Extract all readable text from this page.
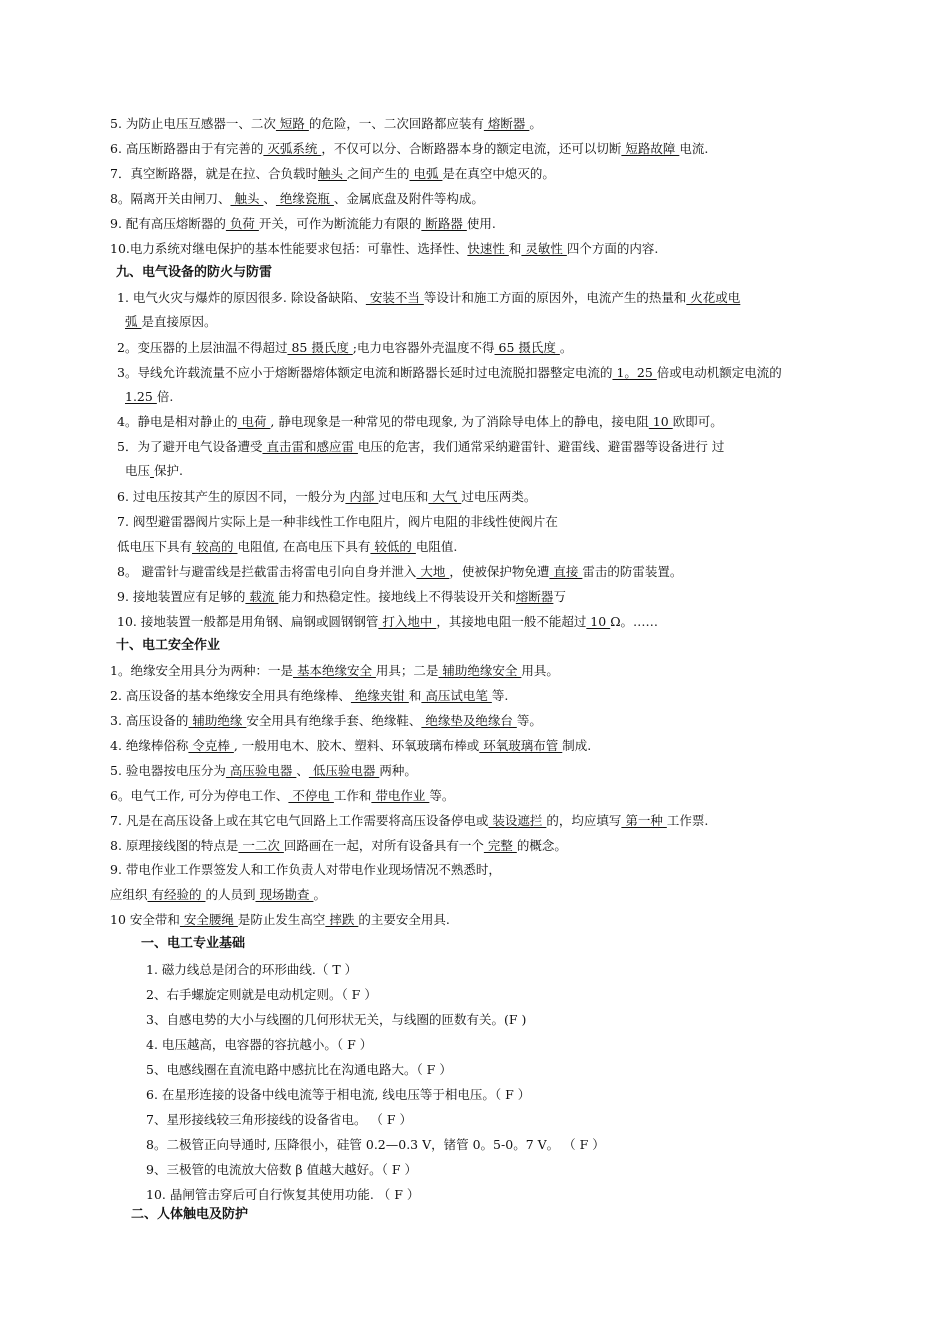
5. 为防止电压互感器一、二次 短路 的危险，一、二次回路都应装有 熔断器 。
6. 高压断路器由于有完善的 灭弧系统 ，不仅可以分、合断路器本身的额定电流，还可以切断 短路故障 电流.
7．真空断路器，就是在拉、合负载时触头 之间产生的 电弧 是在真空中熄灭的。
8。隔离开关由闸刀、 触头 、 绝缘瓷瓶 、金属底盘及附件等构成。
9. 配有高压熔断器的 负荷 开关，可作为断流能力有限的 断路器 使用.
10.电力系统对继电保护的基本性能要求包括：可靠性、选择性、快速性 和 灵敏性 四个方面的内容.
九、电气设备的防火与防雷
1. 电气火灾与爆炸的原因很多. 除设备缺陷、 安装不当 等设计和施工方面的原因外，电流产生的热量和 火花或电
弧 是直接原因。
2。变压器的上层油温不得超过 85 摄氏度 ;电力电容器外壳温度不得 65 摄氏度 。
3。导线允许载流量不应小于熔断器熔体额定电流和断路器长延时过电流脱扣器整定电流的 1。25 倍或电动机额定电流的
1.25 倍.
4。静电是相对静止的 电荷 , 静电现象是一种常见的带电现象, 为了消除导电体上的静电，接电阻 10 欧即可。
5．为了避开电气设备遭受 直击雷和感应雷 电压的危害，我们通常采纳避雷针、避雷线、避雷器等设备进行 过
电压 保护.
6. 过电压按其产生的原因不同，一般分为 内部 过电压和 大气 过电压两类。
7. 阀型避雷器阀片实际上是一种非线性工作电阻片，阀片电阻的非线性使阀片在
低电压下具有 较高的 电阻值, 在高电压下具有 较低的 电阻值.
8。 避雷针与避雷线是拦截雷击将雷电引向自身并泄入 大地 ，使被保护物免遭 直接 雷击的防雷装置。
9. 接地装置应有足够的 载流 能力和热稳定性。接地线上不得装设开关和熔断器丂
10. 接地装置一般都是用角钢、扁钢或圆钢钢管 打入地中 ，其接地电阻一般不能超过 10 Ω。……
十、电工安全作业
1。绝缘安全用具分为两种：一是 基本绝缘安全 用具；二是 辅助绝缘安全 用具。
2. 高压设备的基本绝缘安全用具有绝缘棒、 绝缘夹钳 和 高压试电笔 等.
3. 高压设备的 辅助绝缘 安全用具有绝缘手套、绝缘鞋、 绝缘垫及绝缘台 等。
4. 绝缘棒俗称 令克棒 , 一般用电木、胶木、塑料、环氧玻璃布棒或 环氧玻璃布管 制成.
5. 验电器按电压分为 高压验电器 、 低压验电器 两种。
6。电气工作, 可分为停电工作、 不停电 工作和 带电作业 等。
7. 凡是在高压设备上或在其它电气回路上工作需要将高压设备停电或 装设遮拦 的，均应填写 第一种 工作票.
8. 原理接线图的特点是 一二次 回路画在一起，对所有设备具有一个 完整 的概念。
9. 带电作业工作票签发人和工作负责人对带电作业现场情况不熟悉时，
应组织 有经验的 的人员到 现场勘查 。
10 安全带和 安全腰绳 是防止发生高空 摔跌 的主要安全用具.
一、电工专业基础
1. 磁力线总是闭合的环形曲线.（ T ）
2、右手螺旋定则就是电动机定则。（ F ）
3、自感电势的大小与线圈的几何形状无关，与线圈的匝数有关。(F )
4. 电压越高，电容器的容抗越小。（ F ）
5、电感线圈在直流电路中感抗比在沟通电路大。（ F ）
6. 在星形连接的设备中线电流等于相电流, 线电压等于相电压。（ F ）
7、星形接线较三角形接线的设备省电。 （ F ）
8。二极管正向导通时, 压降很小，硅管 0.2—0.3 V，锗管 0。5-0。7 V。 （ F ）
9、三极管的电流放大倍数 β 值越大越好。（ F ）
10. 晶闸管击穿后可自行恢复其使用功能. （ F ）
二、人体触电及防护
